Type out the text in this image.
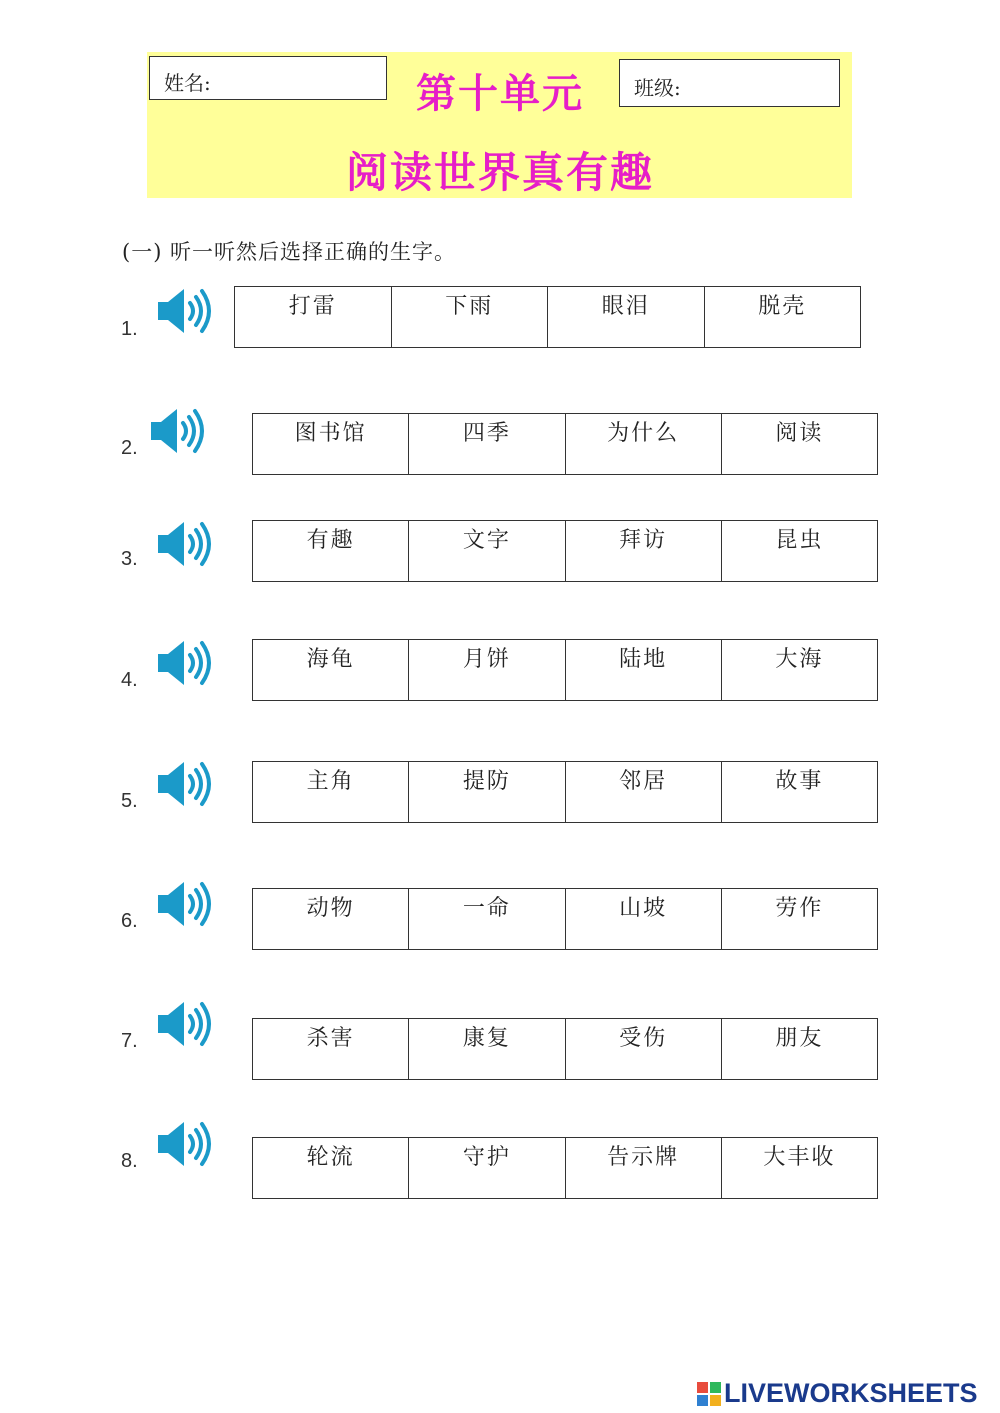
姓名:	第十单元	班级:
阅读世界真有趣
(一) 听一听然后选择正确的生字。
1.
打雷	下雨	眼泪	脱壳
2.
图书馆	四季	为什么	阅读
3.
有趣	文字	拜访	昆虫
4.
海龟	月饼	陆地	大海
5.
主角	提防	邻居	故事
6.	动物	一命	山坡	劳作
7.	杀害	康复	受伤	朋友
8.	轮流	守护	告示牌	大丰收
LIVEWORKSHEETS
